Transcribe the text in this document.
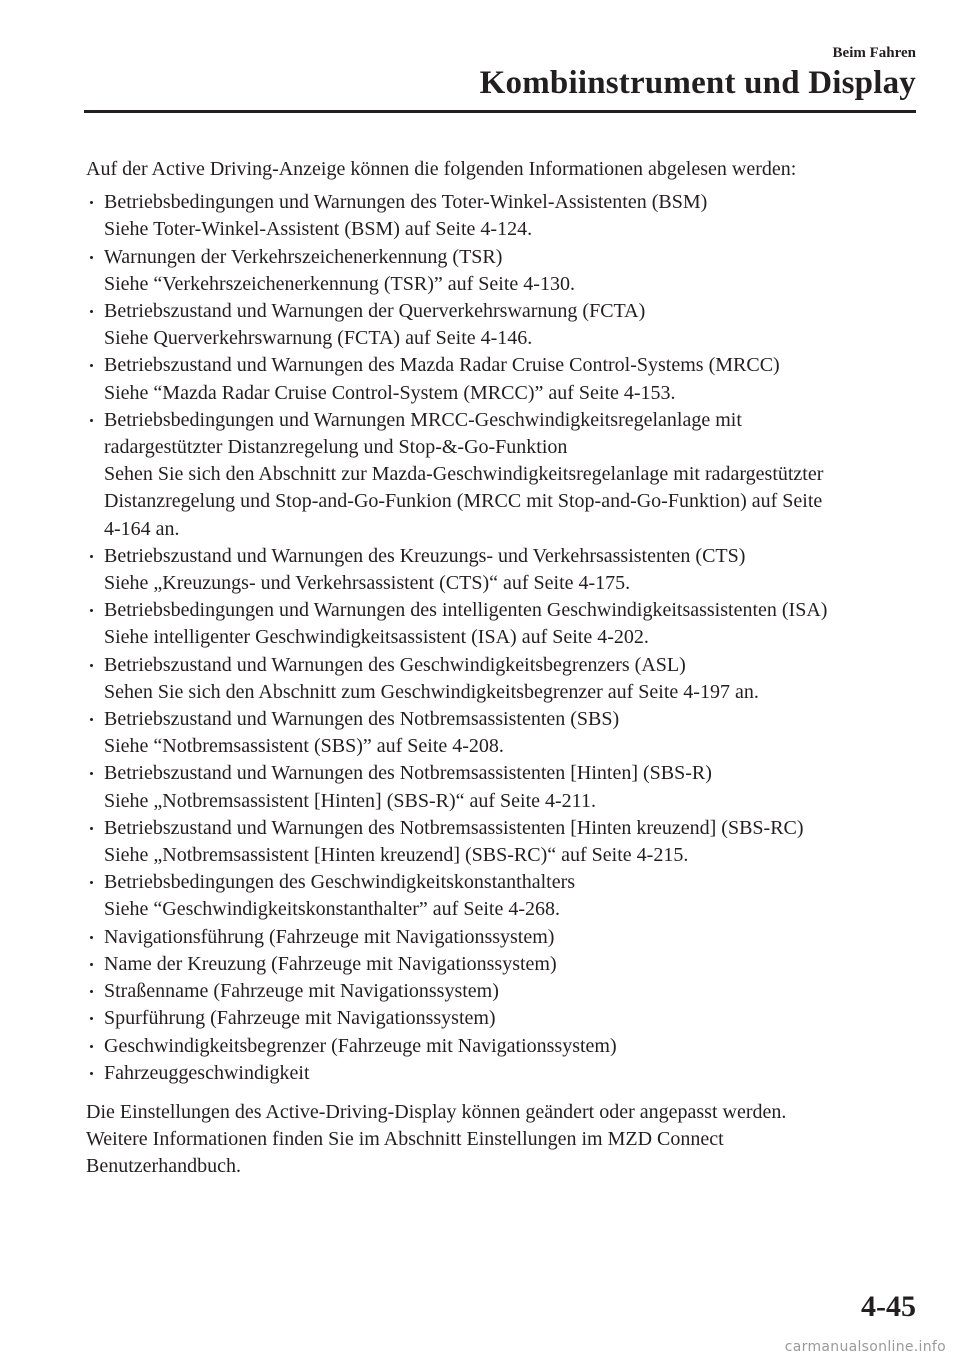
Beim Fahren
Kombiinstrument und Display

Auf der Active Driving-Anzeige können die folgenden Informationen abgelesen werden:

Betriebsbedingungen und Warnungen des Toter-Winkel-Assistenten (BSM)
Siehe Toter-Winkel-Assistent (BSM) auf Seite 4-124.
Warnungen der Verkehrszeichenerkennung (TSR)
Siehe “Verkehrszeichenerkennung (TSR)” auf Seite 4-130.
Betriebszustand und Warnungen der Querverkehrswarnung (FCTA)
Siehe Querverkehrswarnung (FCTA) auf Seite 4-146.
Betriebszustand und Warnungen des Mazda Radar Cruise Control-Systems (MRCC)
Siehe “Mazda Radar Cruise Control-System (MRCC)” auf Seite 4-153.
Betriebsbedingungen und Warnungen MRCC-Geschwindigkeitsregelanlage mit
radargestützter Distanzregelung und Stop-&-Go-Funktion
Sehen Sie sich den Abschnitt zur Mazda-Geschwindigkeitsregelanlage mit radargestützter
Distanzregelung und Stop-and-Go-Funkion (MRCC mit Stop-and-Go-Funktion) auf Seite
4-164 an.
Betriebszustand und Warnungen des Kreuzungs- und Verkehrsassistenten (CTS)
Siehe „Kreuzungs- und Verkehrsassistent (CTS)“ auf Seite 4-175.
Betriebsbedingungen und Warnungen des intelligenten Geschwindigkeitsassistenten (ISA)
Siehe intelligenter Geschwindigkeitsassistent (ISA) auf Seite 4-202.
Betriebszustand und Warnungen des Geschwindigkeitsbegrenzers (ASL)
Sehen Sie sich den Abschnitt zum Geschwindigkeitsbegrenzer auf Seite 4-197 an.
Betriebszustand und Warnungen des Notbremsassistenten (SBS)
Siehe “Notbremsassistent (SBS)” auf Seite 4-208.
Betriebszustand und Warnungen des Notbremsassistenten [Hinten] (SBS-R)
Siehe „Notbremsassistent [Hinten] (SBS-R)“ auf Seite 4-211.
Betriebszustand und Warnungen des Notbremsassistenten [Hinten kreuzend] (SBS-RC)
Siehe „Notbremsassistent [Hinten kreuzend] (SBS-RC)“ auf Seite 4-215.
Betriebsbedingungen des Geschwindigkeitskonstanthalters
Siehe “Geschwindigkeitskonstanthalter” auf Seite 4-268.
Navigationsführung (Fahrzeuge mit Navigationssystem)
Name der Kreuzung (Fahrzeuge mit Navigationssystem)
Straßenname (Fahrzeuge mit Navigationssystem)
Spurführung (Fahrzeuge mit Navigationssystem)
Geschwindigkeitsbegrenzer (Fahrzeuge mit Navigationssystem)
Fahrzeuggeschwindigkeit

Die Einstellungen des Active-Driving-Display können geändert oder angepasst werden.
Weitere Informationen finden Sie im Abschnitt Einstellungen im MZD Connect
Benutzerhandbuch.

4-45
carmanualsonline.info
